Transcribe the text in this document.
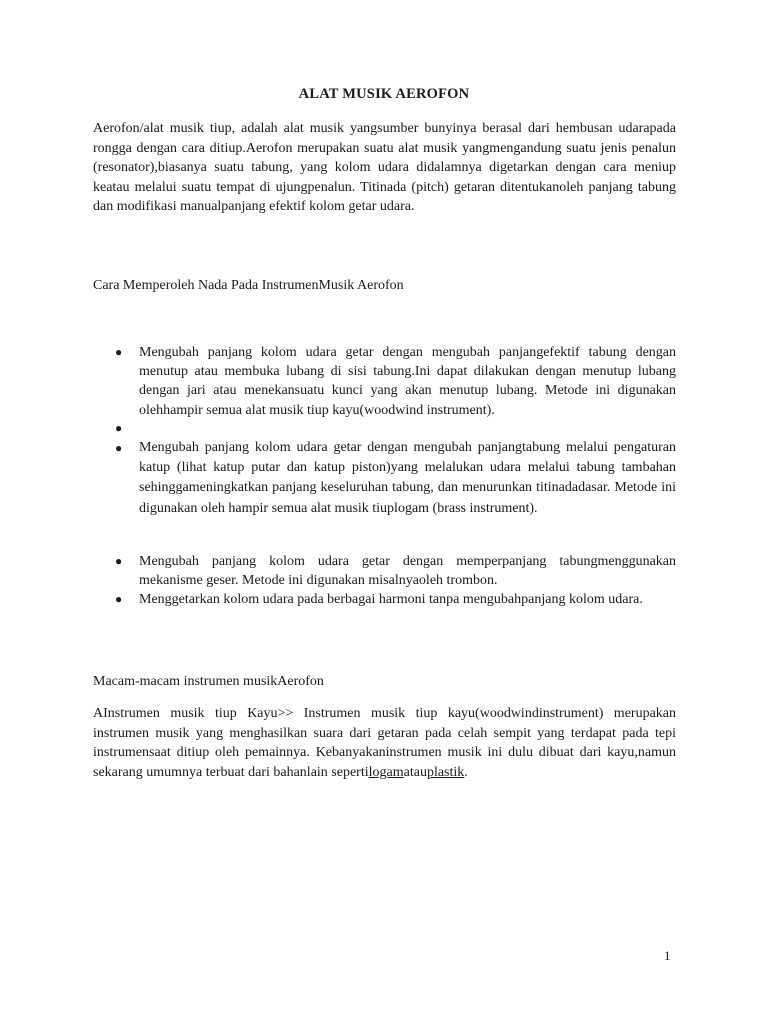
ALAT MUSIK AEROFON

Aerofon/alat musik tiup, adalah alat musik yangsumber bunyinya berasal dari hembusan udarapada rongga dengan cara ditiup.Aerofon merupakan suatu alat musik yangmengandung suatu jenis penalun (resonator),biasanya suatu tabung, yang kolom udara didalamnya digetarkan dengan cara meniup keatau melalui suatu tempat di ujungpenalun. Titinada (pitch) getaran ditentukanoleh panjang tabung dan modifikasi manualpanjang efektif kolom getar udara.

Cara Memperoleh Nada Pada InstrumenMusik Aerofon

● Mengubah panjang kolom udara getar dengan mengubah panjangefektif tabung dengan menutup atau membuka lubang di sisi tabung.Ini dapat dilakukan dengan menutup lubang dengan jari atau menekansuatu kunci yang akan menutup lubang. Metode ini digunakan olehhampir semua alat musik tiup kayu(woodwind instrument).
●
● Mengubah panjang kolom udara getar dengan mengubah panjangtabung melalui pengaturan katup (lihat katup putar dan katup piston)yang melalukan udara melalui tabung tambahan sehinggameningkatkan panjang keseluruhan tabung, dan menurunkan titinadadasar. Metode ini digunakan oleh hampir semua alat musik tiuplogam (brass instrument).
● Mengubah panjang kolom udara getar dengan memperpanjang tabungmenggunakan mekanisme geser. Metode ini digunakan misalnyaoleh trombon.
● Menggetarkan kolom udara pada berbagai harmoni tanpa mengubahpanjang kolom udara.

Macam-macam instrumen musikAerofon

AInstrumen musik tiup Kayu>> Instrumen musik tiup kayu(woodwindinstrument) merupakan instrumen musik yang menghasilkan suara dari getaran pada celah sempit yang terdapat pada tepi instrumensaat ditiup oleh pemainnya. Kebanyakaninstrumen musik ini dulu dibuat dari kayu,namun sekarang umumnya terbuat dari bahanlain sepertilogamatauplastik.

1
